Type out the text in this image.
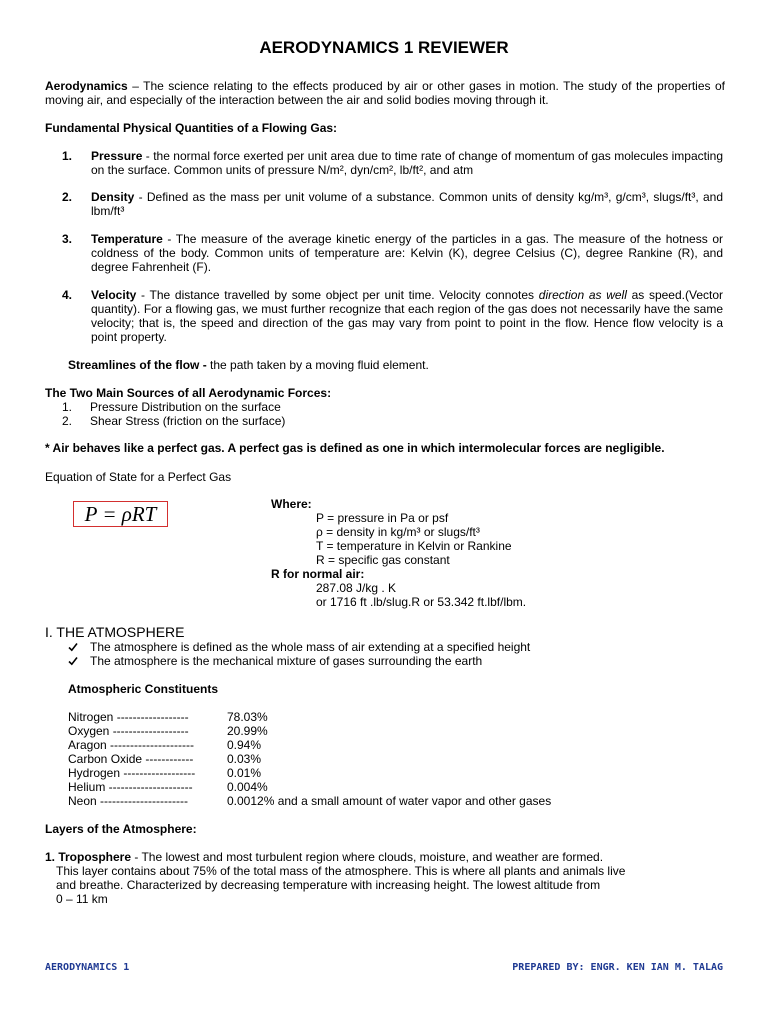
AERODYNAMICS 1 REVIEWER
Aerodynamics – The science relating to the effects produced by air or other gases in motion. The study of the properties of moving air, and especially of the interaction between the air and solid bodies moving through it.
Fundamental Physical Quantities of a Flowing Gas:
1. Pressure - the normal force exerted per unit area due to time rate of change of momentum of gas molecules impacting on the surface. Common units of pressure N/m², dyn/cm², lb/ft², and atm
2. Density - Defined as the mass per unit volume of a substance. Common units of density kg/m³, g/cm³, slugs/ft³, and lbm/ft³
3. Temperature - The measure of the average kinetic energy of the particles in a gas. The measure of the hotness or coldness of the body. Common units of temperature are: Kelvin (K), degree Celsius (C), degree Rankine (R), and degree Fahrenheit (F).
4. Velocity - The distance travelled by some object per unit time. Velocity connotes direction as well as speed.(Vector quantity). For a flowing gas, we must further recognize that each region of the gas does not necessarily have the same velocity; that is, the speed and direction of the gas may vary from point to point in the flow. Hence flow velocity is a point property.
Streamlines of the flow - the path taken by a moving fluid element.
The Two Main Sources of all Aerodynamic Forces:
1. Pressure Distribution on the surface
2. Shear Stress (friction on the surface)
* Air behaves like a perfect gas. A perfect gas is defined as one in which intermolecular forces are negligible.
Equation of State for a Perfect Gas
P = ρRT	Where:
P = pressure in Pa or psf
ρ = density in kg/m³ or slugs/ft³
T = temperature in Kelvin or Rankine
R = specific gas constant
R for normal air:
287.08 J/kg . K
or 1716 ft .lb/slug.R or 53.342 ft.lbf/lbm.
I. THE ATMOSPHERE
The atmosphere is defined as the whole mass of air extending at a specified height
The atmosphere is the mechanical mixture of gases surrounding the earth
Atmospheric Constituents
Nitrogen ------------------	78.03%
Oxygen -------------------	20.99%
Aragon ---------------------	0.94%
Carbon Oxide ------------	0.03%
Hydrogen ------------------	0.01%
Helium ---------------------	0.004%
Neon ----------------------	0.0012% and a small amount of water vapor and other gases
Layers of the Atmosphere:
1. Troposphere - The lowest and most turbulent region where clouds, moisture, and weather are formed.
This layer contains about 75% of the total mass of the atmosphere. This is where all plants and animals live
and breathe. Characterized by decreasing temperature with increasing height. The lowest altitude from
0 – 11 km
AERODYNAMICS 1	PREPARED BY: ENGR. KEN IAN M. TALAG
